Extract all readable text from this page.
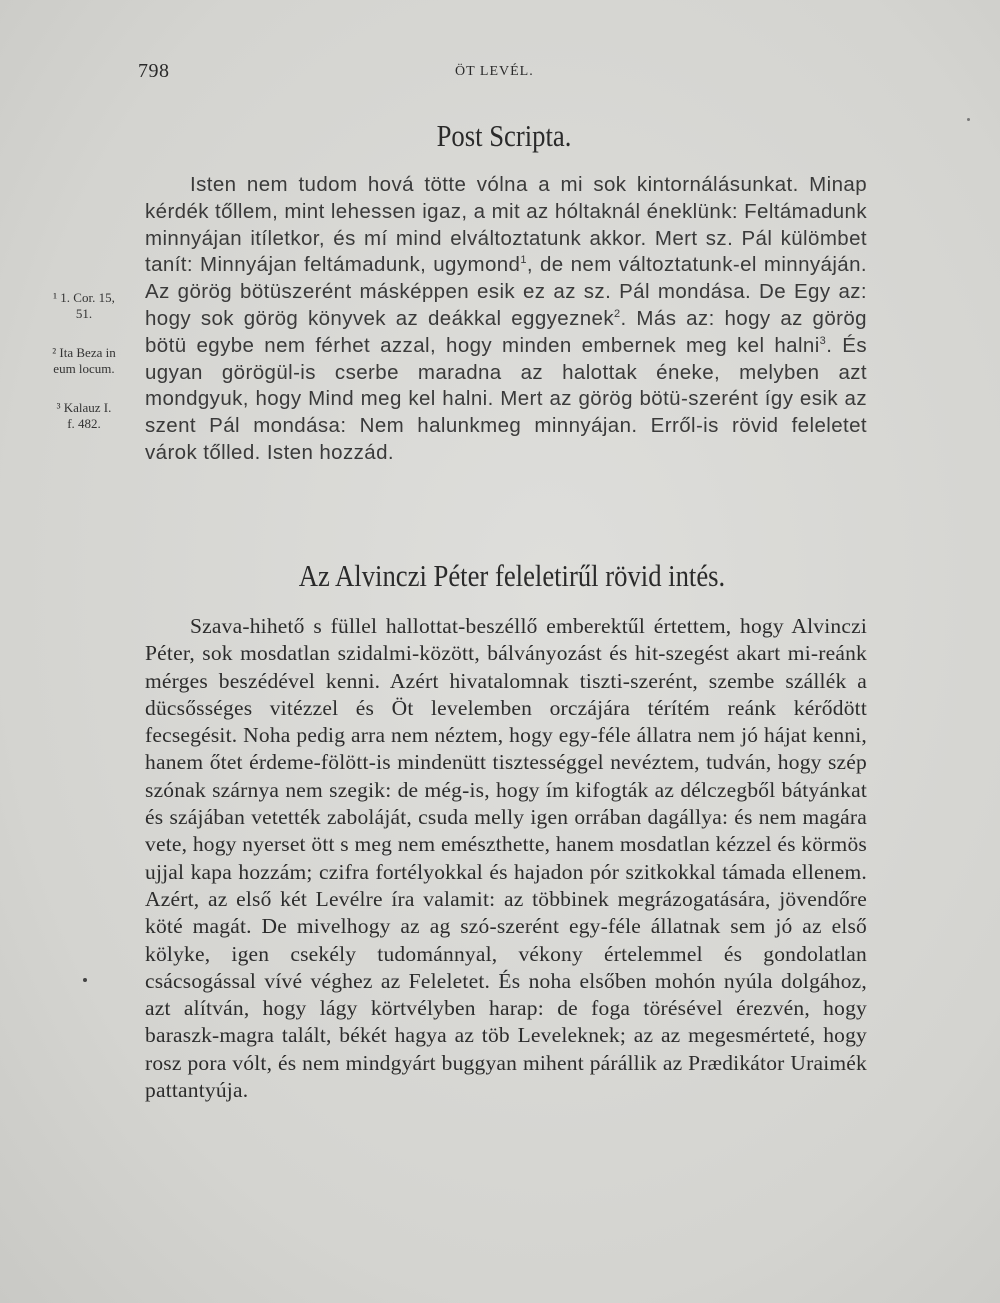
798	ÖT LEVÉL.
Post Scripta.

Isten nem tudom hová tötte vólna a mi sok kintornálásunkat. Minap kérdék tőllem, mint lehessen igaz, a mit az hóltaknál éneklünk: Feltámadunk minnyájan itíletkor, és mí mind elváltoztatunk akkor. Mert sz. Pál külömbet tanít: Minnyájan feltámadunk, ugymond$^1$, de nem változtatunk-el minnyáján. Az görög bötüszerént másképpen esik ez az sz. Pál mondása. De Egy az: hogy sok görög könyvek az deákkal eggyeznek$^2$. Más az: hogy az görög bötü egybe nem férhet azzal, hogy minden embernek meg kel halni$^3$. És ugyan görögül-is cserbe maradna az halottak éneke, melyben azt mondgyuk, hogy Mind meg kel halni. Mert az görög bötü-szerént így esik az szent Pál mondása: Nem halunkmeg minnyájan. Erről-is rövid feleletet várok tőlled. Isten hozzád.

¹ 1. Cor. 15,
51.
² Ita Beza in
eum locum.
³ Kalauz I.
f. 482.
Az Alvinczi Péter feleletirűl rövid intés.

Szava-hihető s füllel hallottat-beszéllő emberektűl értettem, hogy Alvinczi Péter, sok mosdatlan szidalmi-között, bálványozást és hit-szegést akart mi-reánk mérges beszédével kenni. Azért hivatalomnak tiszti-szerént, szembe szállék a dücsősséges vitézzel és Öt levelemben orczájára térítém reánk kérődött fecsegésit. Noha pedig arra nem néztem, hogy egy-féle állatra nem jó hájat kenni, hanem őtet érdeme-fölött-is mindenütt tisztességgel nevéztem, tudván, hogy szép szónak szárnya nem szegik: de még-is, hogy ím kifogták az délczegből bátyánkat és szájában vetették zaboláját, csuda melly igen orrában dagállya: és nem magára vete, hogy nyerset ött s meg nem emészthette, hanem mosdatlan kézzel és körmös ujjal kapa hozzám; czifra fortélyokkal és hajadon pór szitkokkal támada ellenem. Azért, az első két Levélre íra valamit: az többinek megrázogatására, jövendőre köté magát. De mivelhogy az ag szó-szerént egy-féle állatnak sem jó az első kölyke, igen csekély tudománnyal, vékony értelemmel és gondolatlan csácsogással vívé véghez az Feleletet. És noha elsőben mohón nyúla dolgához, azt alítván, hogy lágy körtvélyben harap: de foga törésével érezvén, hogy baraszk-magra talált, békét hagya az töb Leveleknek; az az megesmérteté, hogy rosz pora vólt, és nem mindgyárt buggyan mihent párállik az Prædikátor Uraimék pattantyúja.
